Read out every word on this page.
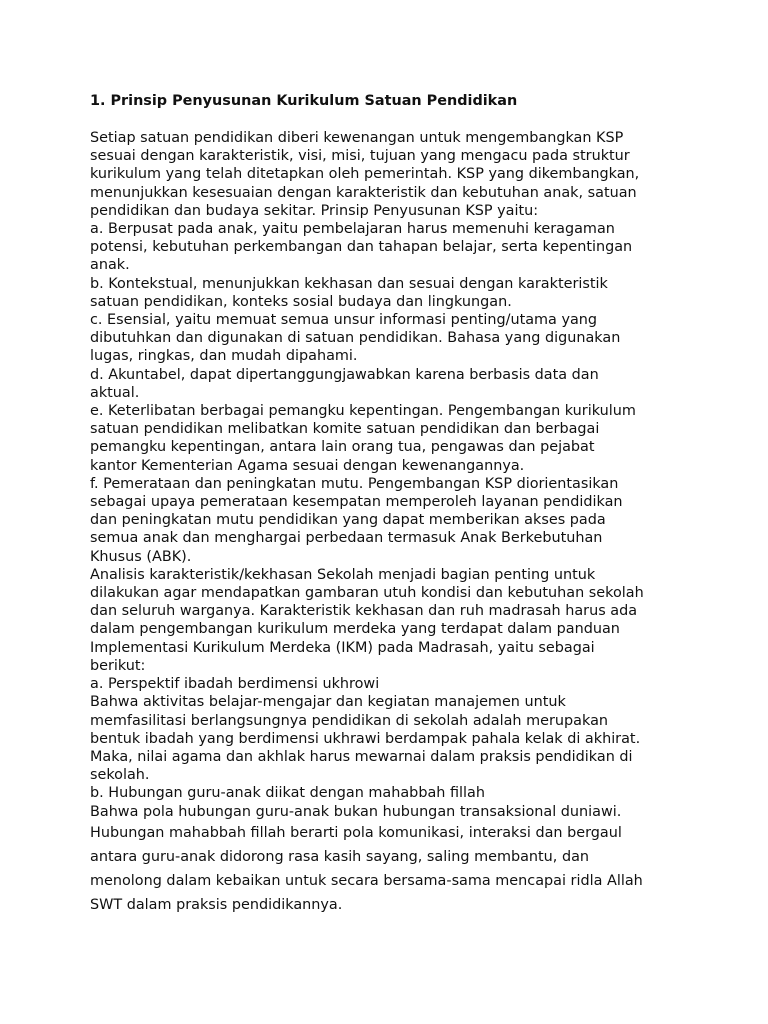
1. Prinsip Penyusunan Kurikulum Satuan Pendidikan

Setiap satuan pendidikan diberi kewenangan untuk mengembangkan KSP
sesuai dengan karakteristik, visi, misi, tujuan yang mengacu pada struktur
kurikulum yang telah ditetapkan oleh pemerintah. KSP yang dikembangkan,
menunjukkan kesesuaian dengan karakteristik dan kebutuhan anak, satuan
pendidikan dan budaya sekitar. Prinsip Penyusunan KSP yaitu:
a. Berpusat pada anak, yaitu pembelajaran harus memenuhi keragaman
potensi, kebutuhan perkembangan dan tahapan belajar, serta kepentingan
anak.
b. Kontekstual, menunjukkan kekhasan dan sesuai dengan karakteristik
satuan pendidikan, konteks sosial budaya dan lingkungan.
c. Esensial, yaitu memuat semua unsur informasi penting/utama yang
dibutuhkan dan digunakan di satuan pendidikan. Bahasa yang digunakan
lugas, ringkas, dan mudah dipahami.
d. Akuntabel, dapat dipertanggungjawabkan karena berbasis data dan
aktual.
e. Keterlibatan berbagai pemangku kepentingan. Pengembangan kurikulum
satuan pendidikan melibatkan komite satuan pendidikan dan berbagai
pemangku kepentingan, antara lain orang tua, pengawas dan pejabat
kantor Kementerian Agama sesuai dengan kewenangannya.
f. Pemerataan dan peningkatan mutu. Pengembangan KSP diorientasikan
sebagai upaya pemerataan kesempatan memperoleh layanan pendidikan
dan peningkatan mutu pendidikan yang dapat memberikan akses pada
semua anak dan menghargai perbedaan termasuk Anak Berkebutuhan
Khusus (ABK).
Analisis karakteristik/kekhasan Sekolah menjadi bagian penting untuk
dilakukan agar mendapatkan gambaran utuh kondisi dan kebutuhan sekolah
dan seluruh warganya. Karakteristik kekhasan dan ruh madrasah harus ada
dalam pengembangan kurikulum merdeka yang terdapat dalam panduan
Implementasi Kurikulum Merdeka (IKM) pada Madrasah, yaitu sebagai
berikut:
a. Perspektif ibadah berdimensi ukhrowi
Bahwa aktivitas belajar-mengajar dan kegiatan manajemen untuk
memfasilitasi berlangsungnya pendidikan di sekolah adalah merupakan
bentuk ibadah yang berdimensi ukhrawi berdampak pahala kelak di akhirat.
Maka, nilai agama dan akhlak harus mewarnai dalam praksis pendidikan di
sekolah.
b. Hubungan guru-anak diikat dengan mahabbah fillah
Bahwa pola hubungan guru-anak bukan hubungan transaksional duniawi.

Hubungan mahabbah fillah berarti pola komunikasi, interaksi dan bergaul
antara guru-anak didorong rasa kasih sayang, saling membantu, dan
menolong dalam kebaikan untuk secara bersama-sama mencapai ridla Allah
SWT dalam praksis pendidikannya.
